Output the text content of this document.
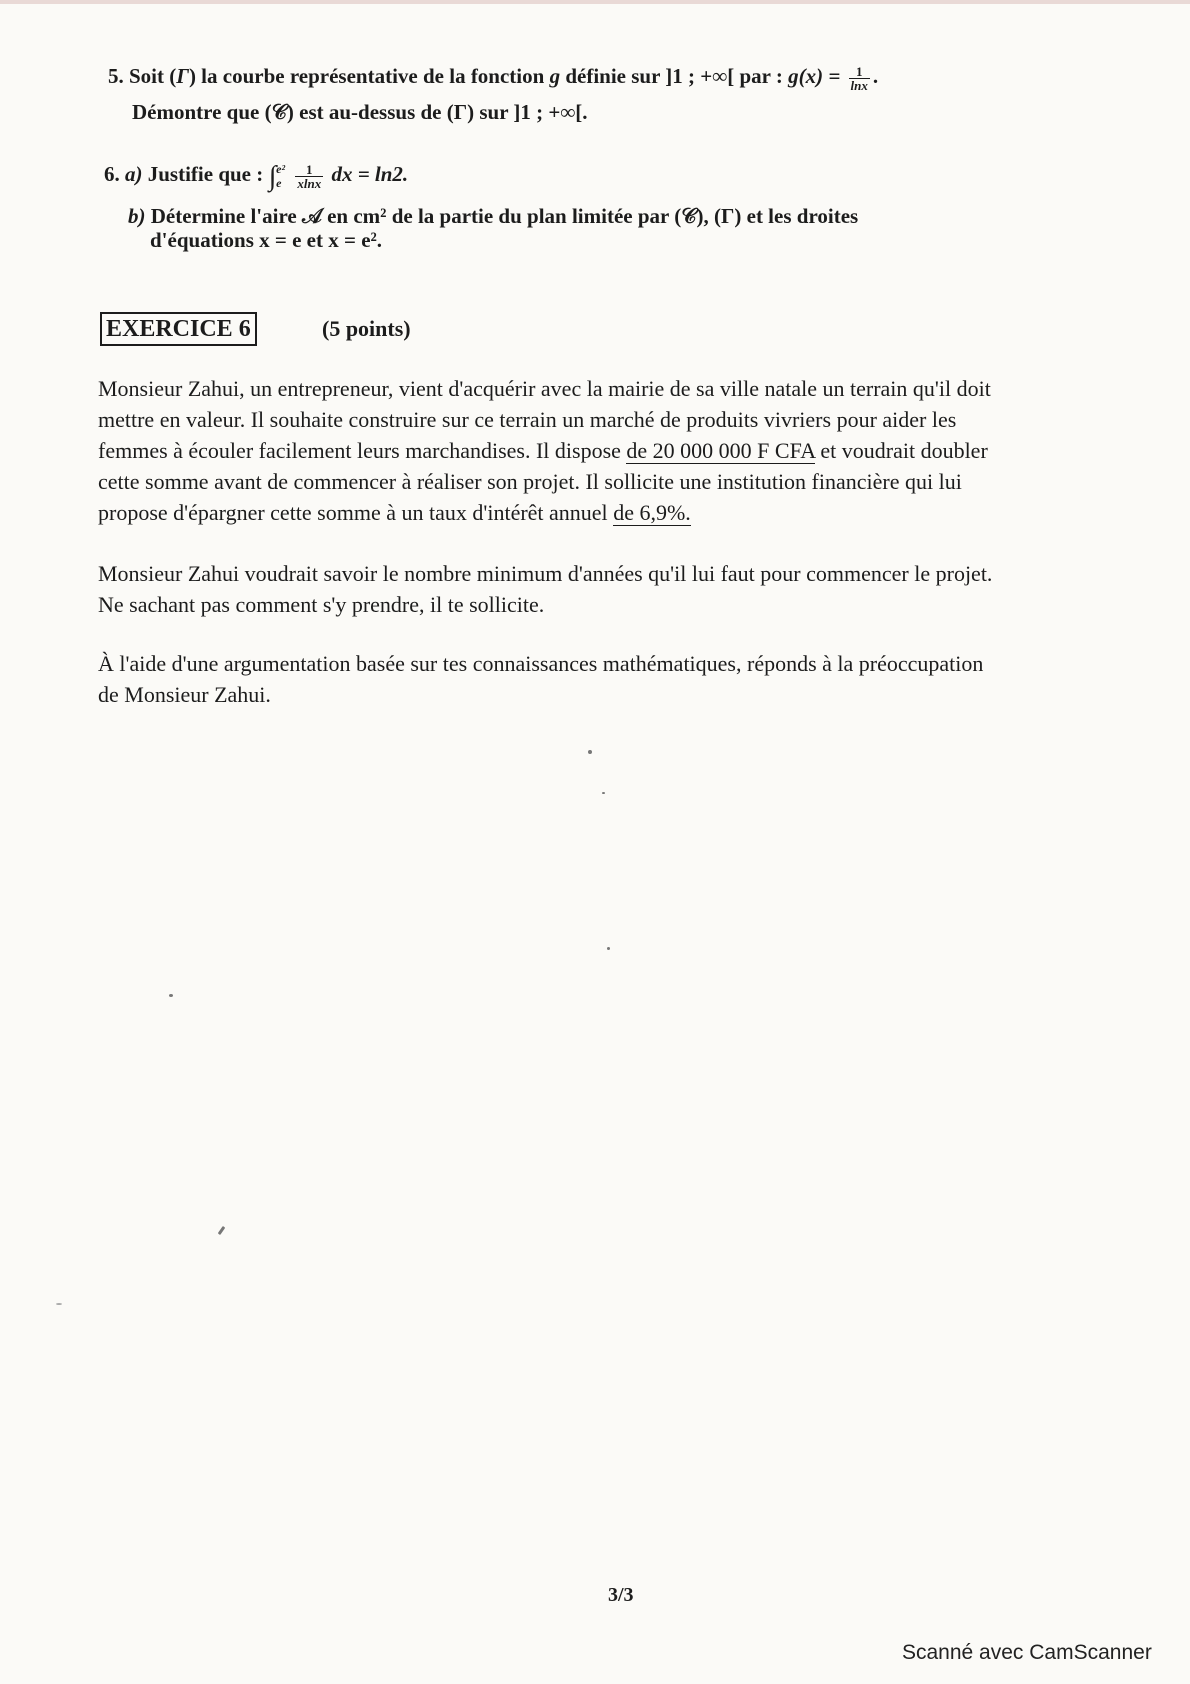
5. Soit (Γ) la courbe représentative de la fonction g définie sur ]1 ; +∞[ par : $g(x) = \frac{1}{\ln x}$ .
Démontre que (𝒞) est au-dessus de (Γ) sur ]1 ; +∞[.
6. a) Justifie que : ∫ e²
e
$\frac{1}{xlnx}$ dx = ln2.
b) Détermine l'aire 𝒜 en cm² de la partie du plan limitée par (𝒞), (Γ) et les droites
d'équations x = e et x = e².
EXERCICE 6	(5 points)

Monsieur Zahui, un entrepreneur, vient d'acquérir avec la mairie de sa ville natale un terrain qu'il doit

mettre en valeur. Il souhaite construire sur ce terrain un marché de produits vivriers pour aider les

femmes à écouler facilement leurs marchandises. Il dispose de 20 000 000 F CFA et voudrait doubler

cette somme avant de commencer à réaliser son projet. Il sollicite une institution financière qui lui

propose d'épargner cette somme à un taux d'intérêt annuel de 6,9%.

Monsieur Zahui voudrait savoir le nombre minimum d'années qu'il lui faut pour commencer le projet.

Ne sachant pas comment s'y prendre, il te sollicite.

À l'aide d'une argumentation basée sur tes connaissances mathématiques, réponds à la préoccupation

de Monsieur Zahui.

3/3
Scanné avec CamScanner
